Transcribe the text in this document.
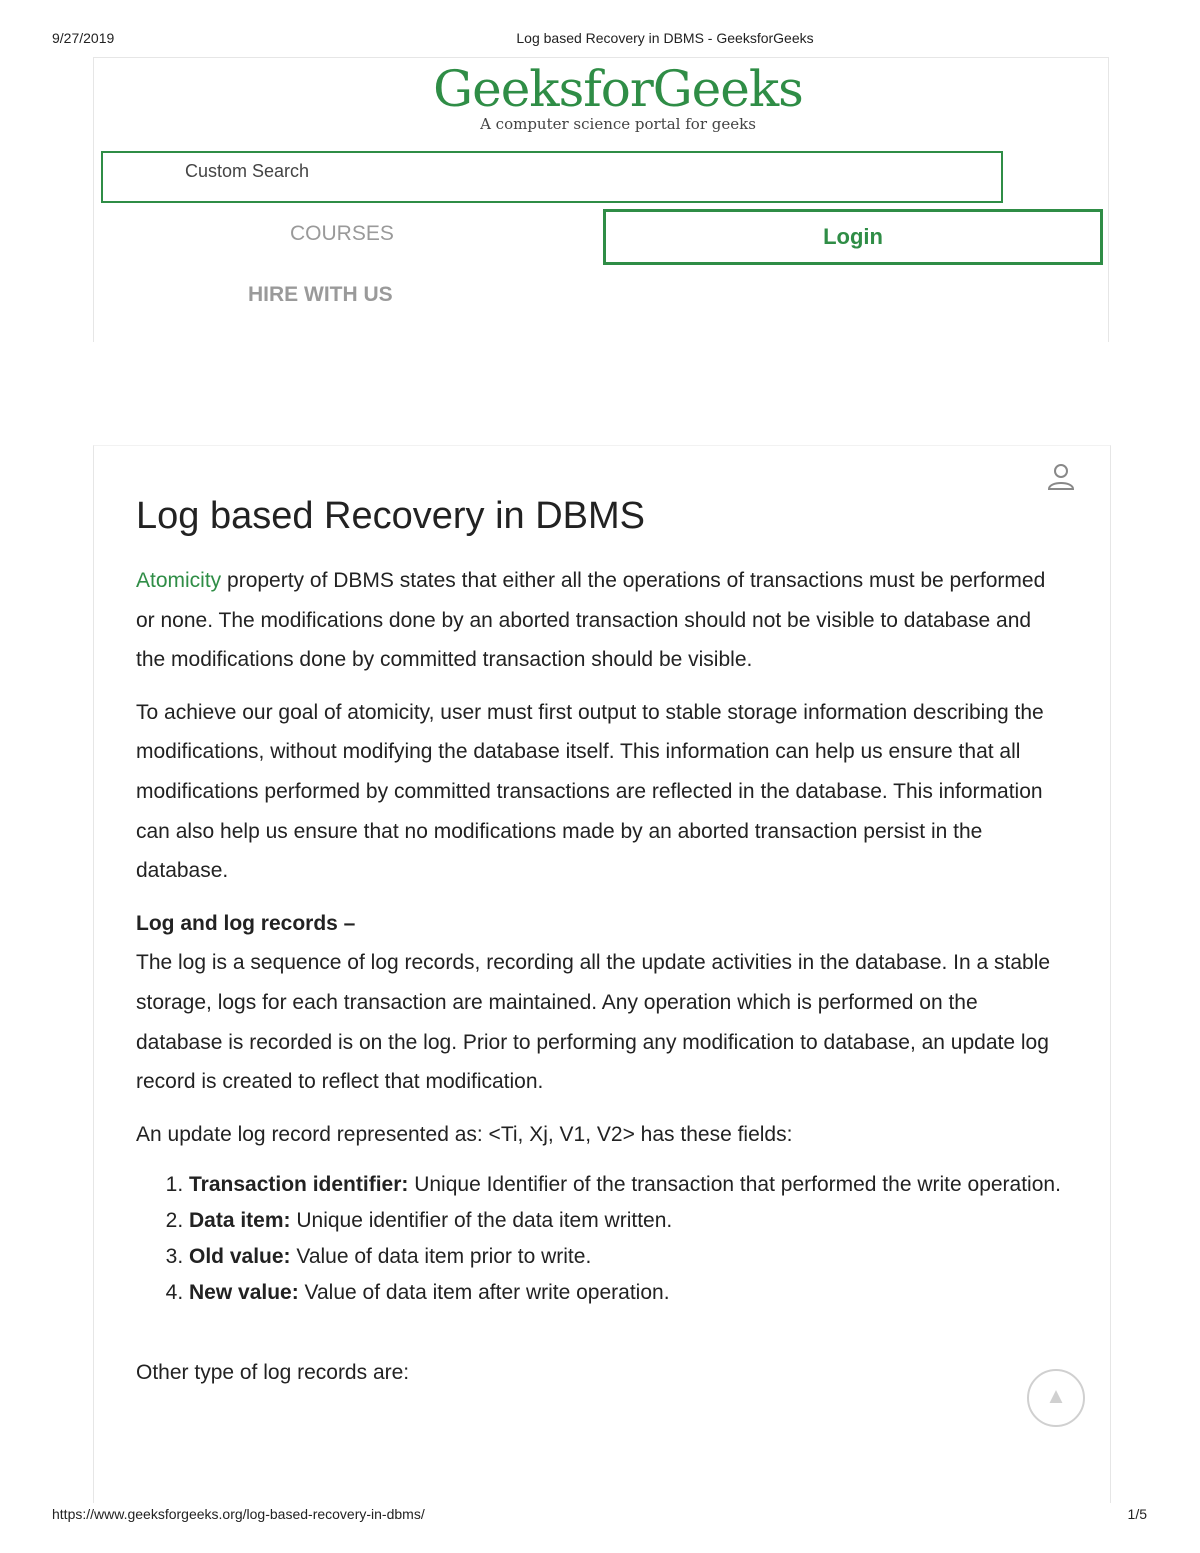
9/27/2019	Log based Recovery in DBMS - GeeksforGeeks
GeeksforGeeks
A computer science portal for geeks
Custom Search
COURSES
HIRE WITH US
Login
Log based Recovery in DBMS

Atomicity property of DBMS states that either all the operations of transactions must be performed or none. The modifications done by an aborted transaction should not be visible to database and the modifications done by committed transaction should be visible.

To achieve our goal of atomicity, user must first output to stable storage information describing the modifications, without modifying the database itself. This information can help us ensure that all modifications performed by committed transactions are reflected in the database. This information can also help us ensure that no modifications made by an aborted transaction persist in the database.

Log and log records –
The log is a sequence of log records, recording all the update activities in the database. In a stable storage, logs for each transaction are maintained. Any operation which is performed on the database is recorded is on the log. Prior to performing any modification to database, an update log record is created to reflect that modification.

An update log record represented as: <Ti, Xj, V1, V2> has these fields:

1. Transaction identifier: Unique Identifier of the transaction that performed the write operation.
2. Data item: Unique identifier of the data item written.
3. Old value: Value of data item prior to write.
4. New value: Value of data item after write operation.

Other type of log records are:

▲
https://www.geeksforgeeks.org/log-based-recovery-in-dbms/	1/5
